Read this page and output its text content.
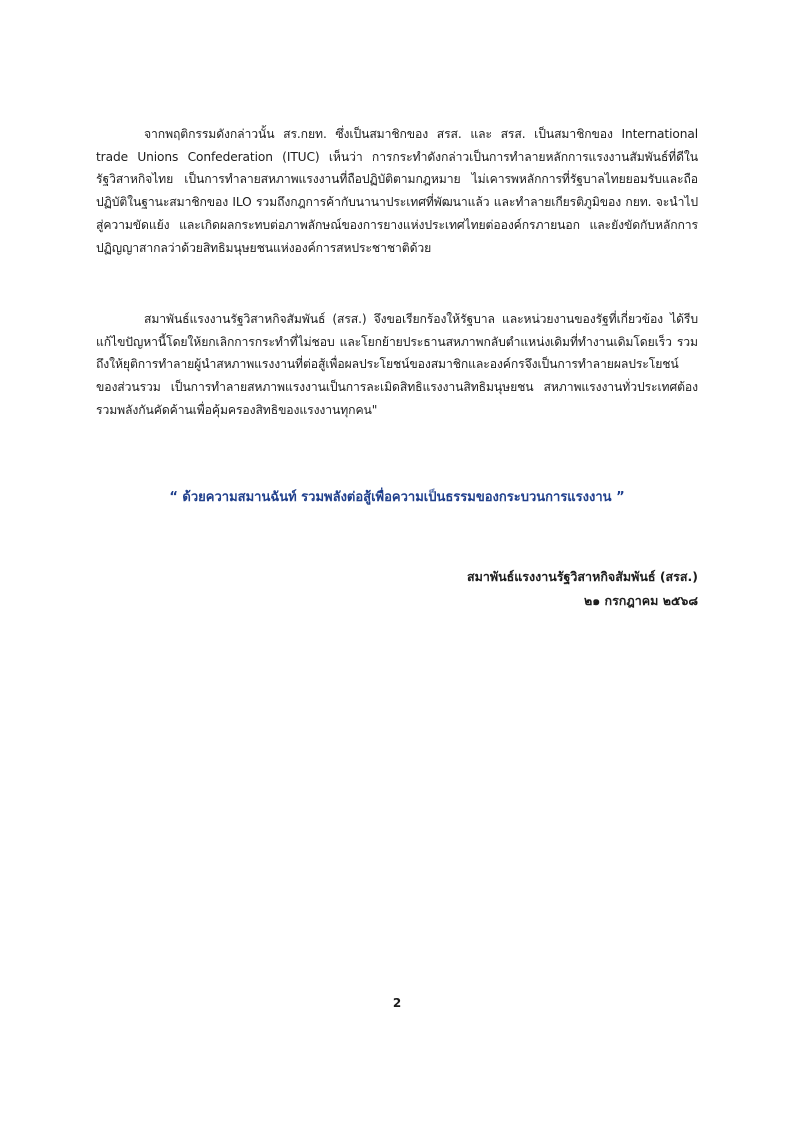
จากพฤติกรรมดังกล่าวนั้น สร.กยท. ซึ่งเป็นสมาชิกของ สรส. และ สรส. เป็นสมาชิกของ International trade Unions Confederation (ITUC) เห็นว่า การกระทำดังกล่าวเป็นการทำลายหลักการแรงงานสัมพันธ์ที่ดีในรัฐวิสาหกิจไทย เป็นการทำลายสหภาพแรงงานที่ถือปฏิบัติตามกฎหมาย ไม่เคารพหลักการที่รัฐบาลไทยยอมรับและถือปฏิบัติในฐานะสมาชิกของ ILO รวมถึงกฎการค้ากับนานาประเทศที่พัฒนาแล้ว และทำลายเกียรติภูมิของ กยท. จะนำไปสู่ความขัดแย้ง และเกิดผลกระทบต่อภาพลักษณ์ของการยางแห่งประเทศไทยต่อองค์กรภายนอก และยังขัดกับหลักการปฏิญญาสากลว่าด้วยสิทธิมนุษยชนแห่งองค์การสหประชาชาติด้วย

สมาพันธ์แรงงานรัฐวิสาหกิจสัมพันธ์ (สรส.) จึงขอเรียกร้องให้รัฐบาล และหน่วยงานของรัฐที่เกี่ยวข้อง ได้รีบแก้ไขปัญหานี้โดยให้ยกเลิกการกระทำที่ไม่ชอบ และโยกย้ายประธานสหภาพกลับตำแหน่งเดิมที่ทำงานเดิมโดยเร็ว รวมถึงให้ยุติการทำลายผู้นำสหภาพแรงงานที่ต่อสู้เพื่อผลประโยชน์ของสมาชิกและองค์กรจึงเป็นการทำลายผลประโยชน์ของส่วนรวม เป็นการทำลายสหภาพแรงงานเป็นการละเมิดสิทธิแรงงานสิทธิมนุษยชน สหภาพแรงงานทั่วประเทศต้องรวมพลังกันคัดค้านเพื่อคุ้มครองสิทธิของแรงงานทุกคน"

“ ด้วยความสมานฉันท์ รวมพลังต่อสู้เพื่อความเป็นธรรมของกระบวนการแรงงาน ”

สมาพันธ์แรงงานรัฐวิสาหกิจสัมพันธ์ (สรส.)

๒๑ กรกฎาคม ๒๕๖๘

2
